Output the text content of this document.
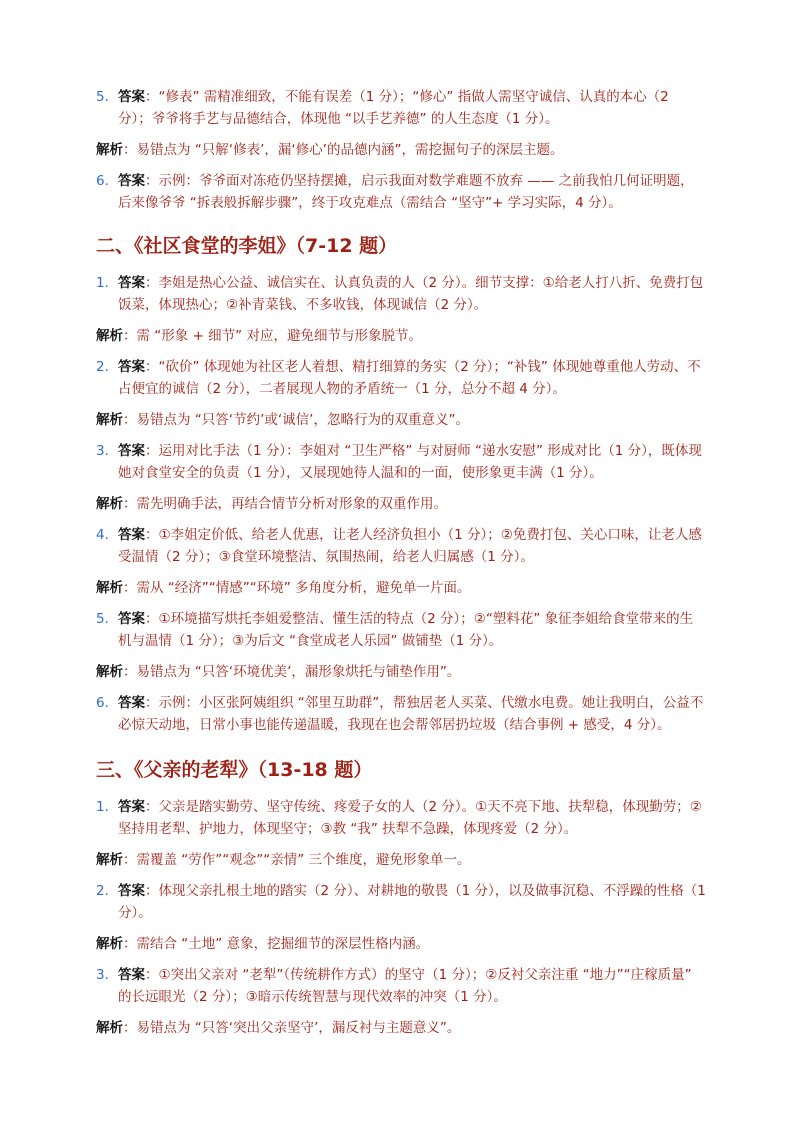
5. 答案：“修表” 需精准细致，不能有误差（1 分）；“修心” 指做人需坚守诚信、认真的本心（2 分）；爷爷将手艺与品德结合，体现他 “以手艺养德” 的人生态度（1 分）。
解析：易错点为 “只解‘修表’，漏‘修心’的品德内涵”，需挖掘句子的深层主题。
6. 答案：示例：爷爷面对冻疮仍坚持摆摊，启示我面对数学难题不放弃 —— 之前我怕几何证明题，后来像爷爷 “拆表般拆解步骤”，终于攻克难点（需结合 “坚守”+ 学习实际，4 分）。
二、《社区食堂的李姐》（7-12 题）
1. 答案：李姐是热心公益、诚信实在、认真负责的人（2 分）。细节支撑：①给老人打八折、免费打包饭菜，体现热心；②补青菜钱、不多收钱，体现诚信（2 分）。
解析：需 “形象 + 细节” 对应，避免细节与形象脱节。
2. 答案：“砍价” 体现她为社区老人着想、精打细算的务实（2 分）；“补钱” 体现她尊重他人劳动、不占便宜的诚信（2 分），二者展现人物的矛盾统一（1 分，总分不超 4 分）。
解析：易错点为 “只答‘节约’或‘诚信’，忽略行为的双重意义”。
3. 答案：运用对比手法（1 分）：李姐对 “卫生严格” 与对厨师 “递水安慰” 形成对比（1 分），既体现她对食堂安全的负责（1 分），又展现她待人温和的一面，使形象更丰满（1 分）。
解析：需先明确手法，再结合情节分析对形象的双重作用。
4. 答案：①李姐定价低、给老人优惠，让老人经济负担小（1 分）；②免费打包、关心口味，让老人感受温情（2 分）；③食堂环境整洁、氛围热闹，给老人归属感（1 分）。
解析：需从 “经济”“情感”“环境” 多角度分析，避免单一片面。
5. 答案：①环境描写烘托李姐爱整洁、懂生活的特点（2 分）；②“塑料花” 象征李姐给食堂带来的生机与温情（1 分）；③为后文 “食堂成老人乐园” 做铺垫（1 分）。
解析：易错点为 “只答‘环境优美’，漏形象烘托与铺垫作用”。
6. 答案：示例：小区张阿姨组织 “邻里互助群”，帮独居老人买菜、代缴水电费。她让我明白，公益不必惊天动地，日常小事也能传递温暖，我现在也会帮邻居扔垃圾（结合事例 + 感受，4 分）。
三、《父亲的老犁》（13-18 题）
1. 答案：父亲是踏实勤劳、坚守传统、疼爱子女的人（2 分）。①天不亮下地、扶犁稳，体现勤劳；②坚持用老犁、护地力，体现坚守；③教 “我” 扶犁不急躁，体现疼爱（2 分）。
解析：需覆盖 “劳作”“观念”“亲情” 三个维度，避免形象单一。
2. 答案：体现父亲扎根土地的踏实（2 分）、对耕地的敬畏（1 分），以及做事沉稳、不浮躁的性格（1 分）。
解析：需结合 “土地” 意象，挖掘细节的深层性格内涵。
3. 答案：①突出父亲对 “老犁”（传统耕作方式）的坚守（1 分）；②反衬父亲注重 “地力”“庄稼质量” 的长远眼光（2 分）；③暗示传统智慧与现代效率的冲突（1 分）。
解析：易错点为 “只答‘突出父亲坚守’，漏反衬与主题意义”。
